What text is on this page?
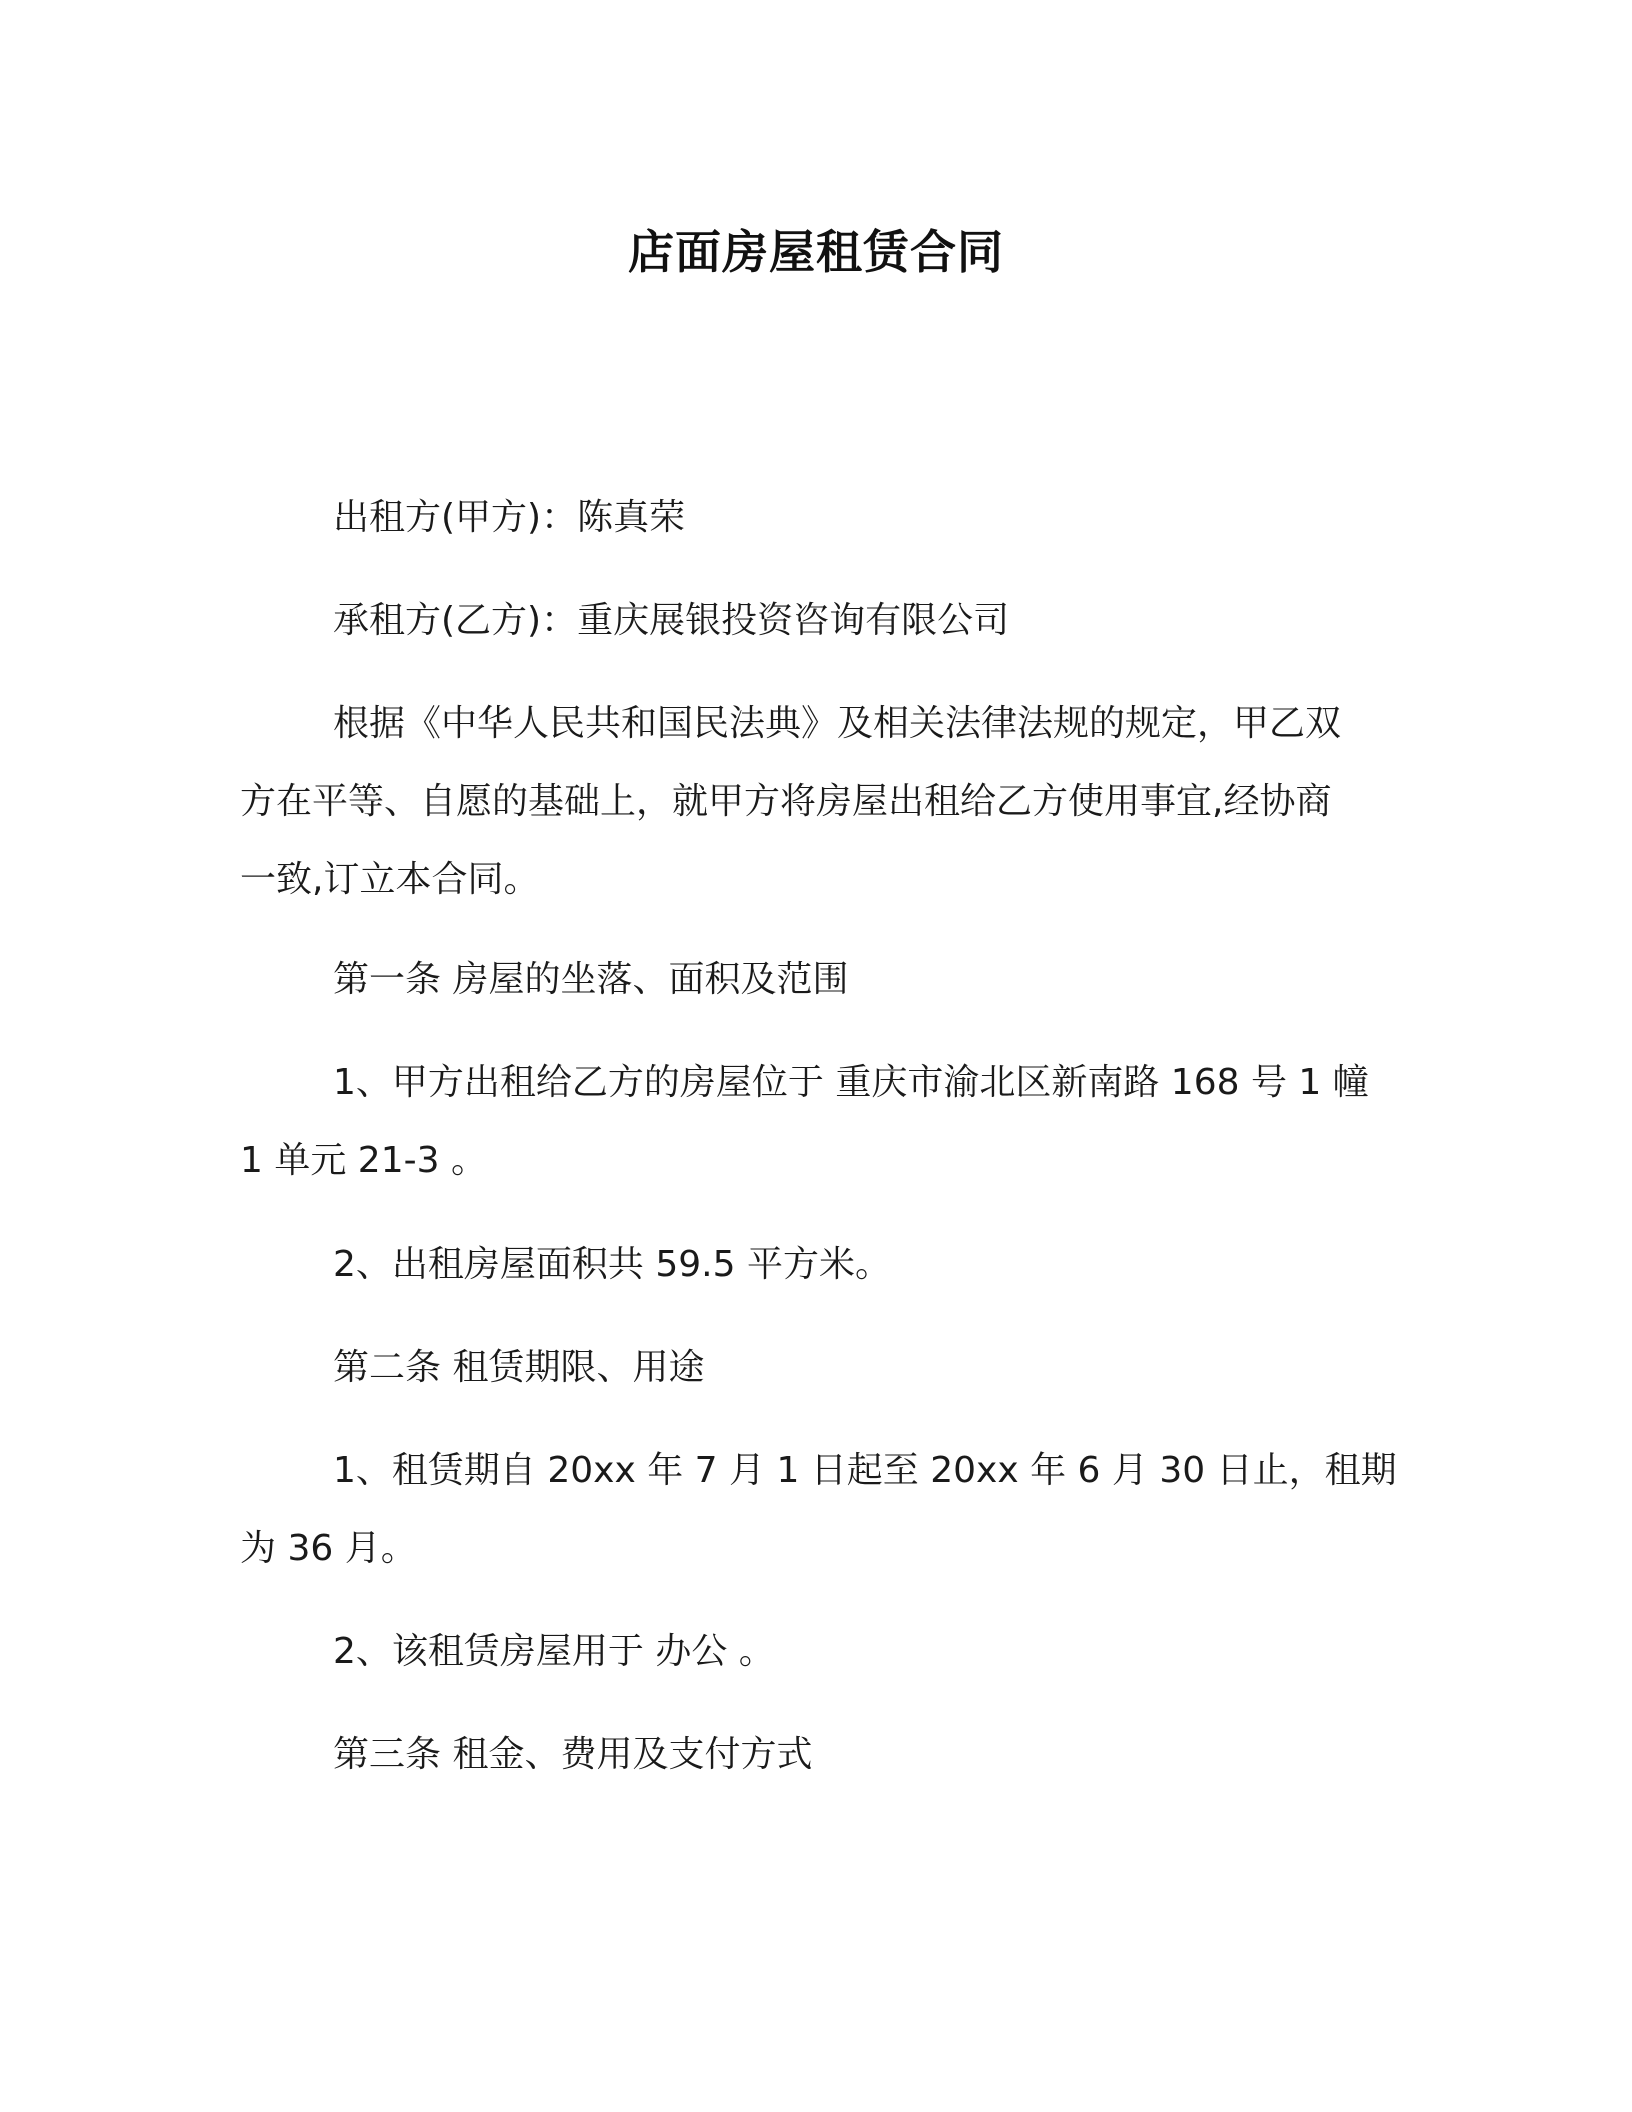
店面房屋租赁合同
出租方(甲方)：陈真荣
承租方(乙方)：重庆展银投资咨询有限公司
根据《中华人民共和国民法典》及相关法律法规的规定，甲乙双
方在平等、自愿的基础上，就甲方将房屋出租给乙方使用事宜,经协商
一致,订立本合同。
第一条 房屋的坐落、面积及范围
1、甲方出租给乙方的房屋位于 重庆市渝北区新南路 168 号 1 幢
1 单元 21-3 。
2、出租房屋面积共 59.5 平方米。
第二条 租赁期限、用途
1、租赁期自 20xx 年 7 月 1 日起至 20xx 年 6 月 30 日止，租期
为 36 月。
2、该租赁房屋用于 办公 。
第三条 租金、费用及支付方式
